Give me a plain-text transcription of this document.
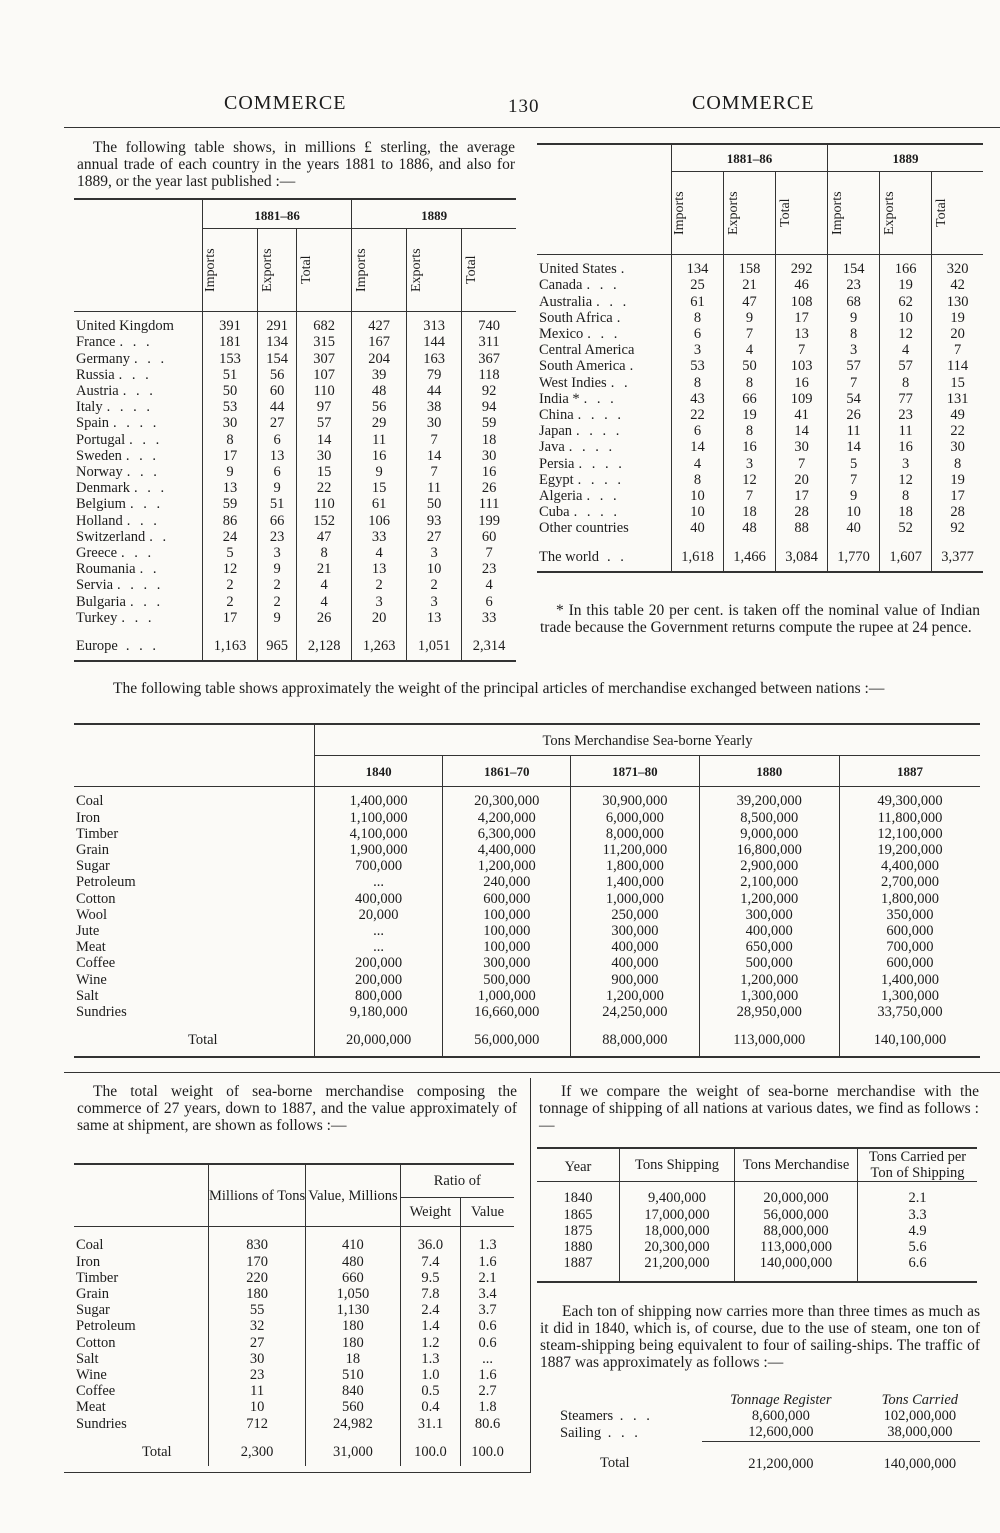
COMMERCE	130	COMMERCE
The following table shows, in millions £ sterling, the average annual trade of each country in the years 1881 to 1886, and also for 1889, or the year last published :—
	1881–86			1889		

	Imports	Exports	Total	Imports	Exports	Total

United Kingdom	391	291	682	427	313	740
France . . .	181	134	315	167	144	311
Germany . . .	153	154	307	204	163	367
Russia . . .	51	56	107	39	79	118
Austria . . .	50	60	110	48	44	92
Italy . . . .	53	44	97	56	38	94
Spain . . . .	30	27	57	29	30	59
Portugal . . .	8	6	14	11	7	18
Sweden . . .	17	13	30	16	14	30
Norway . . .	9	6	15	9	7	16
Denmark . . .	13	9	22	15	11	26
Belgium . . .	59	51	110	61	50	111
Holland . . .	86	66	152	106	93	199
Switzerland . .	24	23	47	33	27	60
Greece . . .	5	3	8	4	3	7
Roumania . .	12	9	21	13	10	23
Servia . . . .	2	2	4	2	2	4
Bulgaria . . .	2	2	4	3	3	6
Turkey . . .	17	9	26	20	13	33
Europe . . .	1,163	965	2,128	1,263	1,051	2,314
	1881–86			1889		

	Imports	Exports	Total	Imports	Exports	Total

United States .	134	158	292	154	166	320
Canada . . .	25	21	46	23	19	42
Australia . . .	61	47	108	68	62	130
South Africa .	8	9	17	9	10	19
Mexico . . .	6	7	13	8	12	20
Central America	3	4	7	3	4	7
South America .	53	50	103	57	57	114
West Indies . .	8	8	16	7	8	15
India * . . .	43	66	109	54	77	131
China . . . .	22	19	41	26	23	49
Japan . . . .	6	8	14	11	11	22
Java . . . .	14	16	30	14	16	30
Persia . . . .	4	3	7	5	3	8
Egypt . . . .	8	12	20	7	12	19
Algeria . . .	10	7	17	9	8	17
Cuba . . . .	10	18	28	10	18	28
Other countries	40	48	88	40	52	92
The world . .	1,618	1,466	3,084	1,770	1,607	3,377
* In this table 20 per cent. is taken off the nominal value of Indian trade because the Government returns compute the rupee at 24 pence.
The following table shows approximately the weight of the principal articles of merchandise exchanged between nations :—
	Tons Merchandise Sea-borne Yearly				
	1840	1861–70	1871–80	1880	1887
Coal	1,400,000	20,300,000	30,900,000	39,200,000	49,300,000
Iron	1,100,000	4,200,000	6,000,000	8,500,000	11,800,000
Timber	4,100,000	6,300,000	8,000,000	9,000,000	12,100,000
Grain	1,900,000	4,400,000	11,200,000	16,800,000	19,200,000
Sugar	700,000	1,200,000	1,800,000	2,900,000	4,400,000
Petroleum	...	240,000	1,400,000	2,100,000	2,700,000
Cotton	400,000	600,000	1,000,000	1,200,000	1,800,000
Wool	20,000	100,000	250,000	300,000	350,000
Jute	...	100,000	300,000	400,000	600,000
Meat	...	100,000	400,000	650,000	700,000
Coffee	200,000	300,000	400,000	500,000	600,000
Wine	200,000	500,000	900,000	1,200,000	1,400,000
Salt	800,000	1,000,000	1,200,000	1,300,000	1,300,000
Sundries	9,180,000	16,660,000	24,250,000	28,950,000	33,750,000
Total	20,000,000	56,000,000	88,000,000	113,000,000	140,100,000
The total weight of sea-borne merchandise composing the commerce of 27 years, down to 1887, and the value approximately of same at shipment, are shown as follows :—
	Millions of Tons	Value, Millions	Ratio of	
			Weight	Value
Coal	830	410	36.0	1.3
Iron	170	480	7.4	1.6
Timber	220	660	9.5	2.1
Grain	180	1,050	7.8	3.4
Sugar	55	1,130	2.4	3.7
Petroleum	32	180	1.4	0.6
Cotton	27	180	1.2	0.6
Salt	30	18	1.3	...
Wine	23	510	1.0	1.6
Coffee	11	840	0.5	2.7
Meat	10	560	0.4	1.8
Sundries	712	24,982	31.1	80.6
Total	2,300	31,000	100.0	100.0
If we compare the weight of sea-borne merchandise with the tonnage of shipping of all nations at various dates, we find as follows :—
Year	Tons Shipping	Tons Merchandise	Tons Carried per Ton of Shipping
1840	9,400,000	20,000,000	2.1
1865	17,000,000	56,000,000	3.3
1875	18,000,000	88,000,000	4.9
1880	20,300,000	113,000,000	5.6
1887	21,200,000	140,000,000	6.6
Each ton of shipping now carries more than three times as much as it did in 1840, which is, of course, due to the use of steam, one ton of steam-shipping being equivalent to four of sailing-ships. The traffic of 1887 was approximately as follows :—
	Tonnage Register	Tons Carried
Steamers . . .	8,600,000	102,000,000
Sailing . . .	12,600,000	38,000,000
Total	21,200,000	140,000,000
